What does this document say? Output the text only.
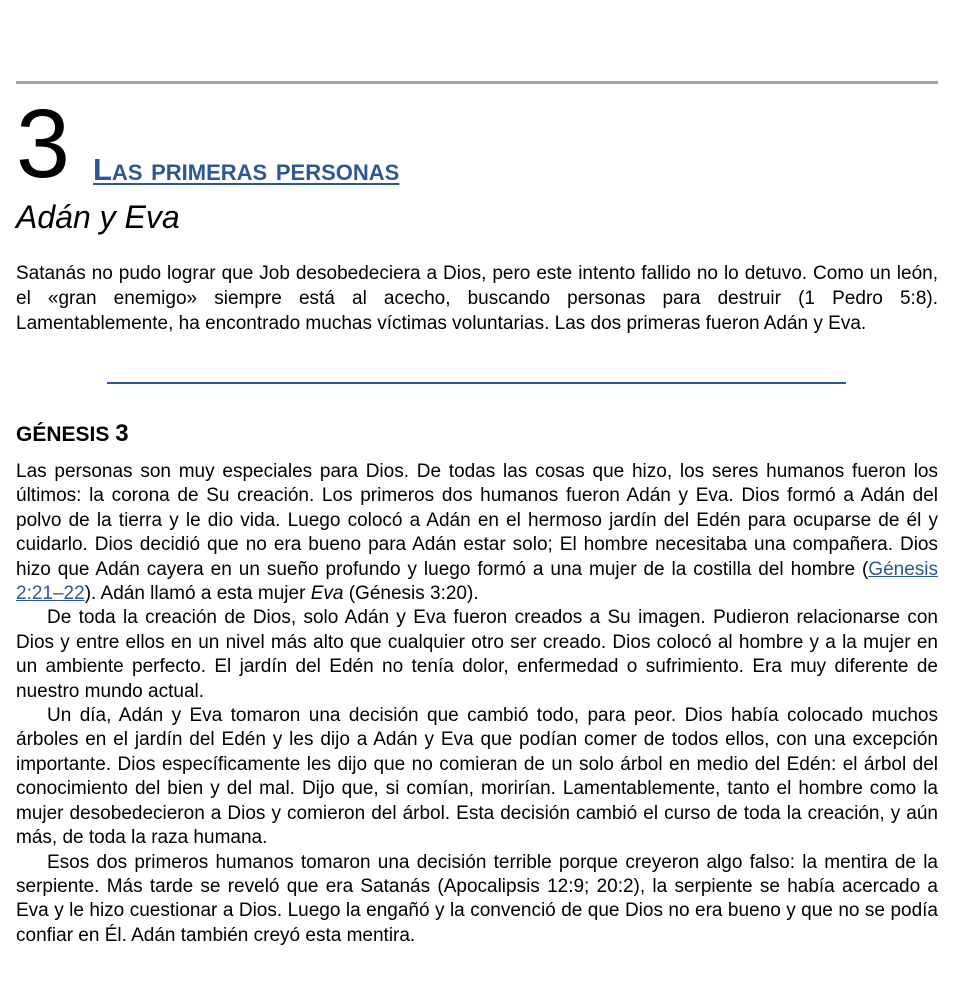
3 Las primeras personas
Adán y Eva

Satanás no pudo lograr que Job desobedeciera a Dios, pero este intento fallido no lo detuvo. Como un león, el «gran enemigo» siempre está al acecho, buscando personas para destruir (1 Pedro 5:8). Lamentablemente, ha encontrado muchas víctimas voluntarias. Las dos primeras fueron Adán y Eva.

GÉNESIS 3

Las personas son muy especiales para Dios. De todas las cosas que hizo, los seres humanos fueron los últimos: la corona de Su creación. Los primeros dos humanos fueron Adán y Eva. Dios formó a Adán del polvo de la tierra y le dio vida. Luego colocó a Adán en el hermoso jardín del Edén para ocuparse de él y cuidarlo. Dios decidió que no era bueno para Adán estar solo; El hombre necesitaba una compañera. Dios hizo que Adán cayera en un sueño profundo y luego formó a una mujer de la costilla del hombre (Génesis 2:21–22). Adán llamó a esta mujer Eva (Génesis 3:20).

De toda la creación de Dios, solo Adán y Eva fueron creados a Su imagen. Pudieron relacionarse con Dios y entre ellos en un nivel más alto que cualquier otro ser creado. Dios colocó al hombre y a la mujer en un ambiente perfecto. El jardín del Edén no tenía dolor, enfermedad o sufrimiento. Era muy diferente de nuestro mundo actual.

Un día, Adán y Eva tomaron una decisión que cambió todo, para peor. Dios había colocado muchos árboles en el jardín del Edén y les dijo a Adán y Eva que podían comer de todos ellos, con una excepción importante. Dios específicamente les dijo que no comieran de un solo árbol en medio del Edén: el árbol del conocimiento del bien y del mal. Dijo que, si comían, morirían. Lamentablemente, tanto el hombre como la mujer desobedecieron a Dios y comieron del árbol. Esta decisión cambió el curso de toda la creación, y aún más, de toda la raza humana.

Esos dos primeros humanos tomaron una decisión terrible porque creyeron algo falso: la mentira de la serpiente. Más tarde se reveló que era Satanás (Apocalipsis 12:9; 20:2), la serpiente se había acercado a Eva y le hizo cuestionar a Dios. Luego la engañó y la convenció de que Dios no era bueno y que no se podía confiar en Él. Adán también creyó esta mentira.
